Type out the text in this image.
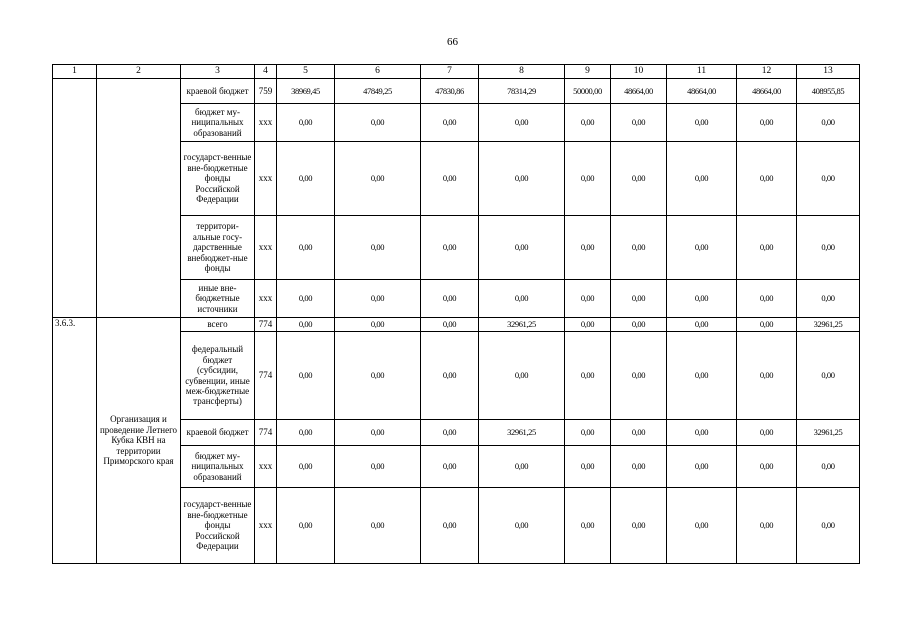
66
1	2	3	4	5	6	7	8	9	10	11	12	13
		краевой бюджет	759	38969,45	47849,25	47830,86	78314,29	50000,00	48664,00	48664,00	48664,00	408955,85
		бюджет му-ниципальных образований	xxx	0,00	0,00	0,00	0,00	0,00	0,00	0,00	0,00	0,00
		государст-венные вне-бюджетные фонды Российской Федерации	xxx	0,00	0,00	0,00	0,00	0,00	0,00	0,00	0,00	0,00
		территори-альные госу-дарственные внебюджет-ные фонды	xxx	0,00	0,00	0,00	0,00	0,00	0,00	0,00	0,00	0,00
		иные вне-бюджетные источники	xxx	0,00	0,00	0,00	0,00	0,00	0,00	0,00	0,00	0,00
3.6.3.	Организация и проведение Летнего Кубка КВН на территории Приморского края	всего	774	0,00	0,00	0,00	32961,25	0,00	0,00	0,00	0,00	32961,25
		федеральный бюджет (субсидии, субвенции, иные меж-бюджетные трансферты)	774	0,00	0,00	0,00	0,00	0,00	0,00	0,00	0,00	0,00
		краевой бюджет	774	0,00	0,00	0,00	32961,25	0,00	0,00	0,00	0,00	32961,25
		бюджет му-ниципальных образований	xxx	0,00	0,00	0,00	0,00	0,00	0,00	0,00	0,00	0,00
		государст-венные вне-бюджетные фонды Российской Федерации	xxx	0,00	0,00	0,00	0,00	0,00	0,00	0,00	0,00	0,00
